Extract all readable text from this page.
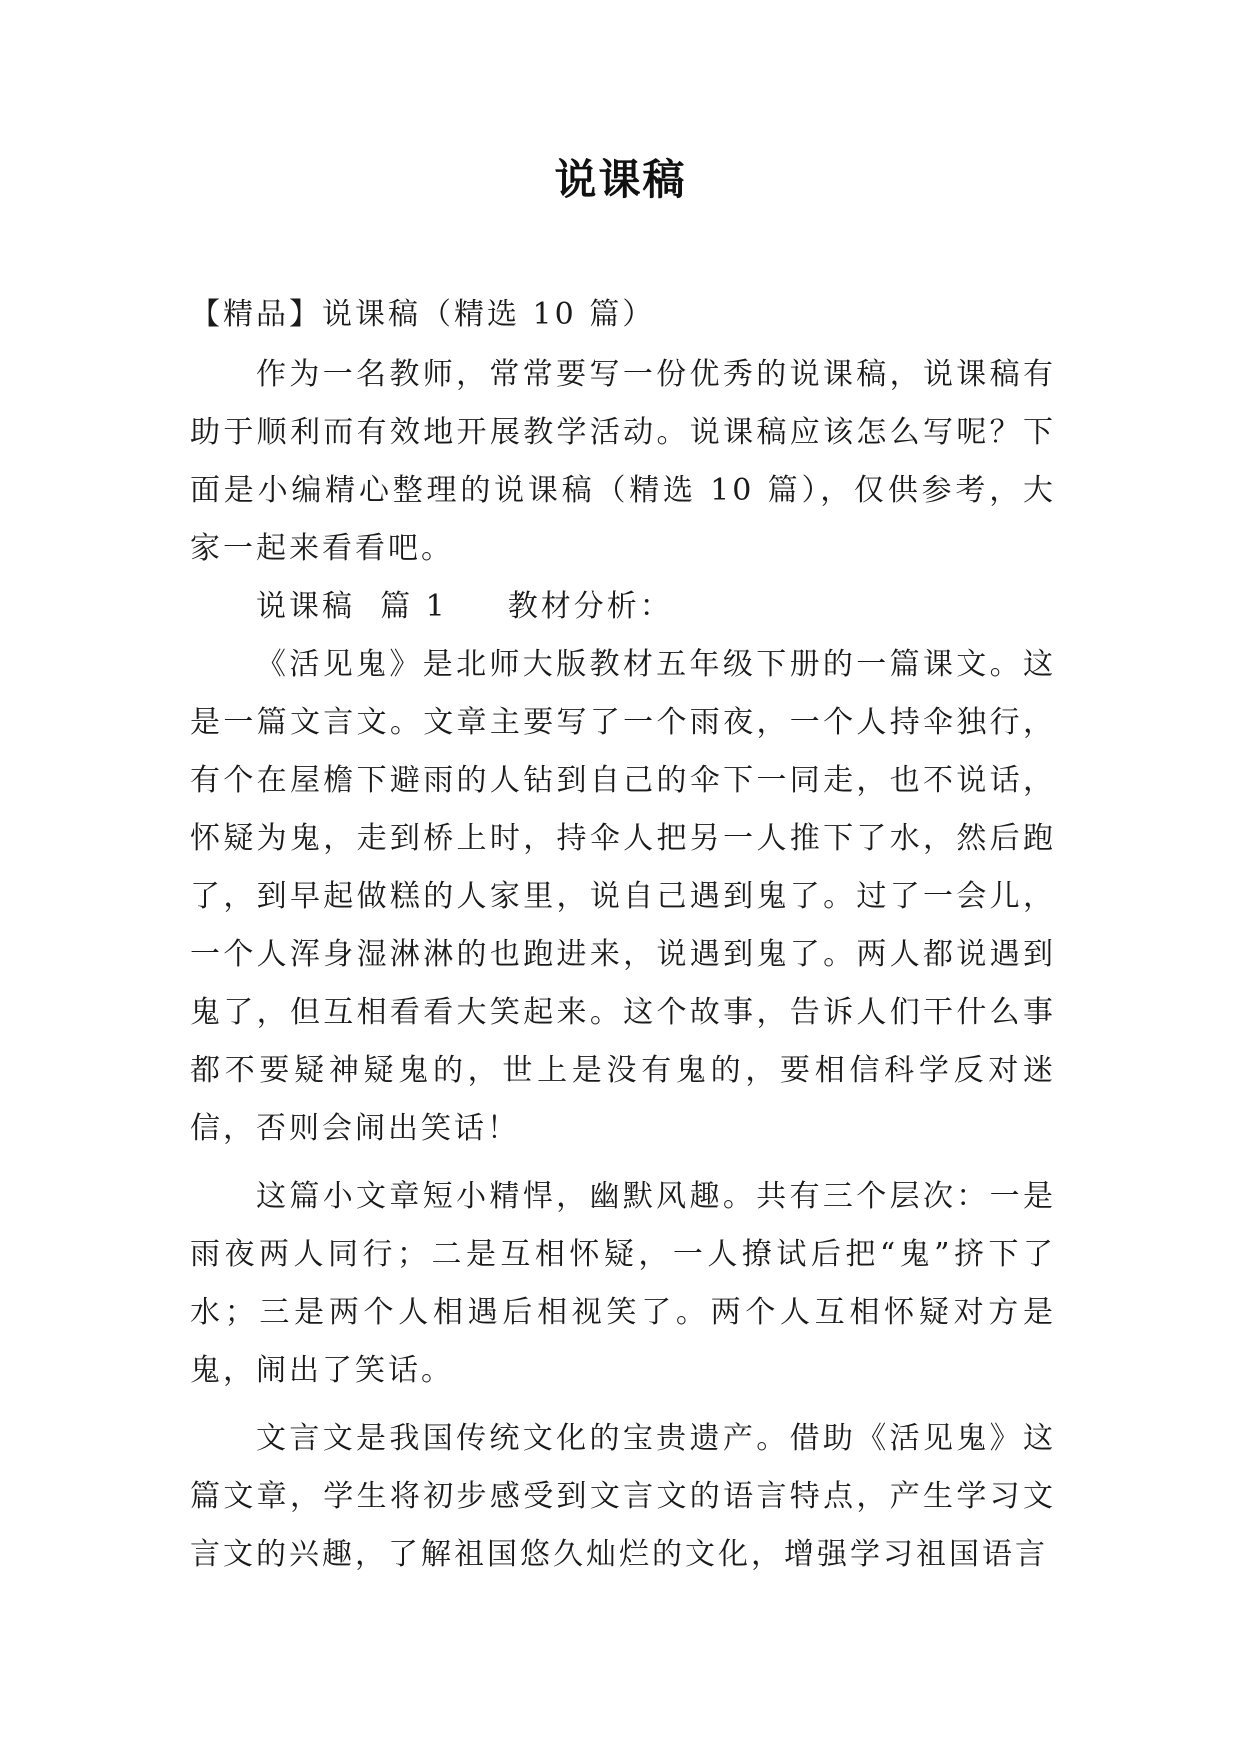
说课稿

【精品】说课稿（精选 10 篇）

作为一名教师，常常要写一份优秀的说课稿，说课稿有助于顺利而有效地开展教学活动。说课稿应该怎么写呢？下面是小编精心整理的说课稿（精选 10 篇），仅供参考，大家一起来看看吧。

说课稿  篇 1 教材分析：

《活见鬼》是北师大版教材五年级下册的一篇课文。这是一篇文言文。文章主要写了一个雨夜，一个人持伞独行，有个在屋檐下避雨的人钻到自己的伞下一同走，也不说话，怀疑为鬼，走到桥上时，持伞人把另一人推下了水，然后跑了，到早起做糕的人家里，说自己遇到鬼了。过了一会儿，一个人浑身湿淋淋的也跑进来，说遇到鬼了。两人都说遇到鬼了，但互相看看大笑起来。这个故事，告诉人们干什么事都不要疑神疑鬼的，世上是没有鬼的，要相信科学反对迷信，否则会闹出笑话！

这篇小文章短小精悍，幽默风趣。共有三个层次：一是雨夜两人同行；二是互相怀疑，一人撩试后把“鬼”挤下了水；三是两个人相遇后相视笑了。两个人互相怀疑对方是鬼，闹出了笑话。

文言文是我国传统文化的宝贵遗产。借助《活见鬼》这篇文章，学生将初步感受到文言文的语言特点，产生学习文言文的兴趣，了解祖国悠久灿烂的文化，增强学习祖国语言
